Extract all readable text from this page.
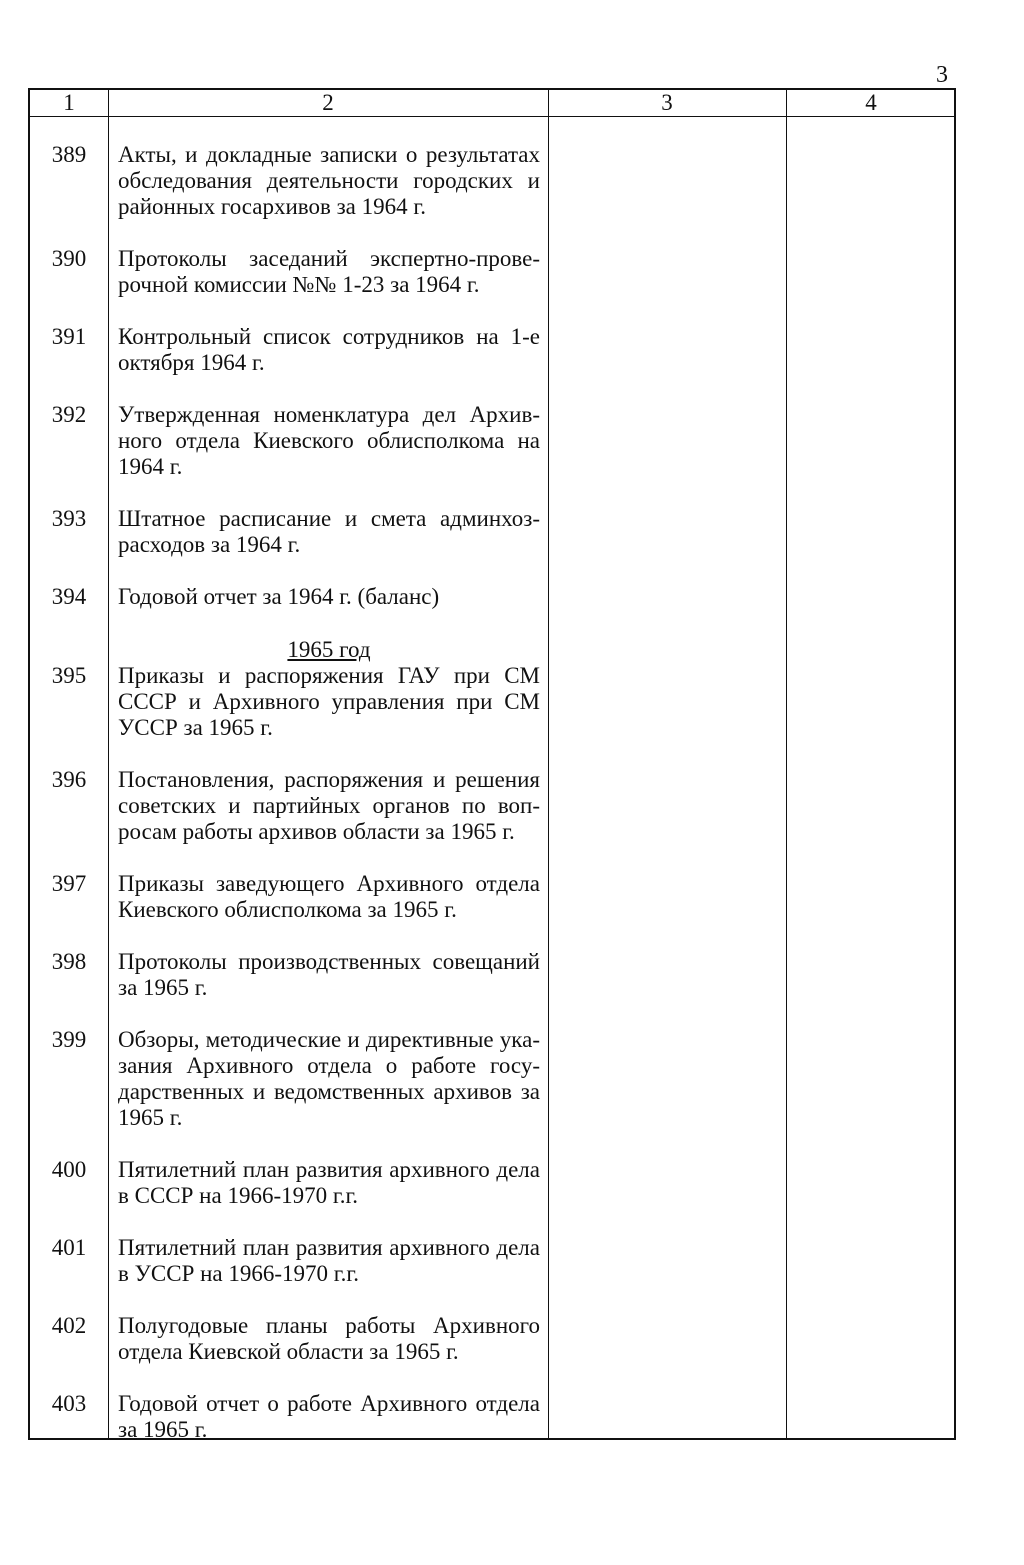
3
1	2	3	4
389	Акты, и докладные записки о результатах
обследования деятельности городских и
районных госархивов за 1964 г.
390	Протоколы заседаний экспертно-прове-
рочной комиссии №№ 1-23 за 1964 г.
391	Контрольный список сотрудников на 1-е
октября 1964 г.
392	Утвержденная номенклатура дел Архив-
ного отдела Киевского облисполкома на
1964 г.
393	Штатное расписание и смета админхоз-
расходов за 1964 г.
394	Годовой отчет за 1964 г. (баланс)
395	Приказы и распоряжения ГАУ при СМ
СССР и Архивного управления при СМ
УССР за 1965 г.
396	Постановления, распоряжения и решения
советских и партийных органов по воп-
росам работы архивов области за 1965 г.
397	Приказы заведующего Архивного отдела
Киевского облисполкома за 1965 г.
398	Протоколы производственных совещаний
за 1965 г.
399	Обзоры, методические и директивные ука-
зания Архивного отдела о работе госу-
дарственных и ведомственных архивов за
1965 г.
400	Пятилетний план развития архивного дела
в СССР на 1966-1970 г.г.
401	Пятилетний план развития архивного дела
в УССР на 1966-1970 г.г.
402	Полугодовые планы работы Архивного
отдела Киевской области за 1965 г.
403	Годовой отчет о работе Архивного отдела
за 1965 г.
1965 год
